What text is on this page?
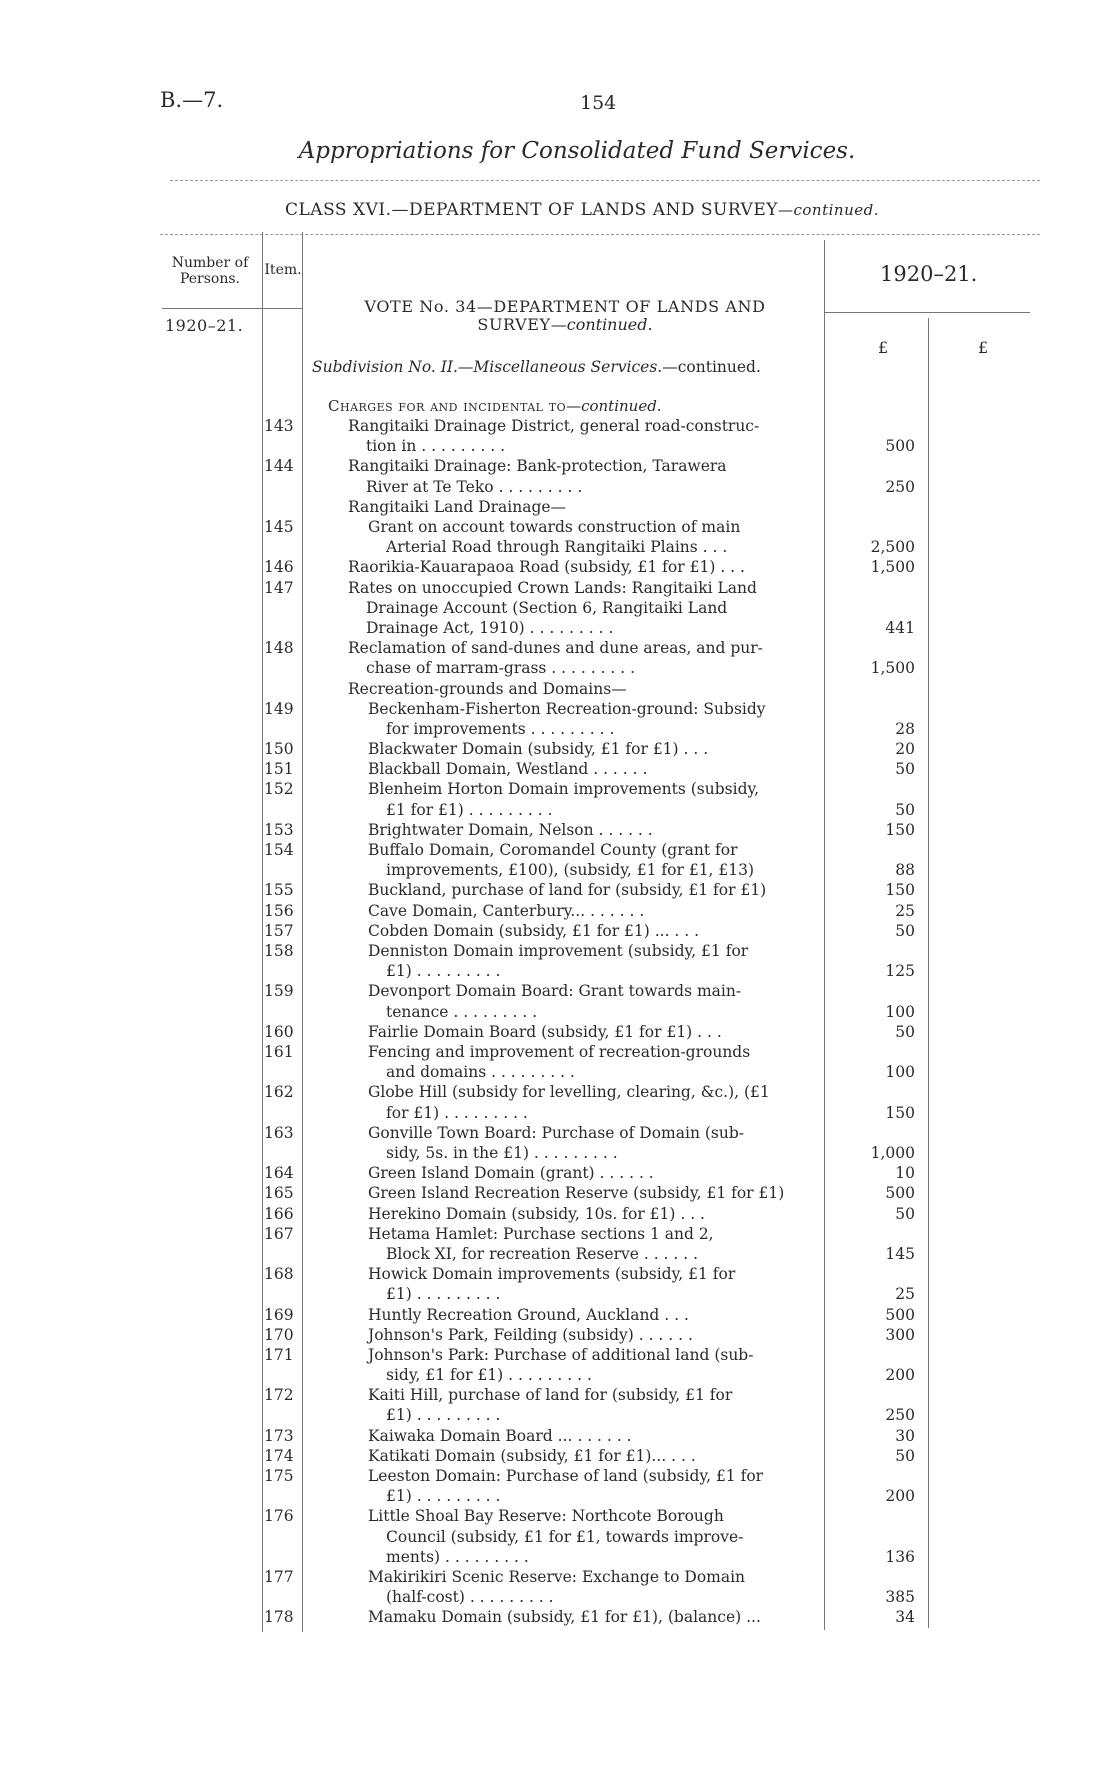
B.—7.	154
Appropriations for Consolidated Fund Services.
CLASS XVI.—DEPARTMENT OF LANDS AND SURVEY—continued.
Number of Persons.
Item.
1920–21.
1920–21.
£	£
VOTE No. 34—DEPARTMENT OF LANDS AND
SURVEY—continued.
Subdivision No. II.—Miscellaneous Services.—continued.
Charges for and incidental to—continued.
143	Rangitaiki Drainage District, general road-construc-
tion in . . . . . . . . .	500
144	Rangitaiki Drainage: Bank-protection, Tarawera
River at Te Teko . . . . . . . . .	250
Rangitaiki Land Drainage—
145	Grant on account towards construction of main
Arterial Road through Rangitaiki Plains . . .	2,500
146	Raorikia-Kauarapaoa Road (subsidy, £1 for £1) . . .	1,500
147	Rates on unoccupied Crown Lands: Rangitaiki Land
Drainage Account (Section 6, Rangitaiki Land
Drainage Act, 1910) . . . . . . . . .	441
148	Reclamation of sand-dunes and dune areas, and pur-
chase of marram-grass . . . . . . . . .	1,500
Recreation-grounds and Domains—
149	Beckenham-Fisherton Recreation-ground: Subsidy
for improvements . . . . . . . . .	28
150	Blackwater Domain (subsidy, £1 for £1) . . .	20
151	Blackball Domain, Westland . . . . . .	50
152	Blenheim Horton Domain improvements (subsidy,
£1 for £1) . . . . . . . . .	50
153	Brightwater Domain, Nelson . . . . . .	150
154	Buffalo Domain, Coromandel County (grant for
improvements, £100), (subsidy, £1 for £1, £13)	88
155	Buckland, purchase of land for (subsidy, £1 for £1)	150
156	Cave Domain, Canterbury... . . . . . .	25
157	Cobden Domain (subsidy, £1 for £1) ... . . .	50
158	Denniston Domain improvement (subsidy, £1 for
£1) . . . . . . . . .	125
159	Devonport Domain Board: Grant towards main-
tenance . . . . . . . . .	100
160	Fairlie Domain Board (subsidy, £1 for £1) . . .	50
161	Fencing and improvement of recreation-grounds
and domains . . . . . . . . .	100
162	Globe Hill (subsidy for levelling, clearing, &c.), (£1
for £1) . . . . . . . . .	150
163	Gonville Town Board: Purchase of Domain (sub-
sidy, 5s. in the £1) . . . . . . . . .	1,000
164	Green Island Domain (grant) . . . . . .	10
165	Green Island Recreation Reserve (subsidy, £1 for £1)	500
166	Herekino Domain (subsidy, 10s. for £1) . . .	50
167	Hetama Hamlet: Purchase sections 1 and 2,
Block XI, for recreation Reserve . . . . . .	145
168	Howick Domain improvements (subsidy, £1 for
£1) . . . . . . . . .	25
169	Huntly Recreation Ground, Auckland . . .	500
170	Johnson's Park, Feilding (subsidy) . . . . . .	300
171	Johnson's Park: Purchase of additional land (sub-
sidy, £1 for £1) . . . . . . . . .	200
172	Kaiti Hill, purchase of land for (subsidy, £1 for
£1) . . . . . . . . .	250
173	Kaiwaka Domain Board ... . . . . . .	30
174	Katikati Domain (subsidy, £1 for £1)... . . .	50
175	Leeston Domain: Purchase of land (subsidy, £1 for
£1) . . . . . . . . .	200
176	Little Shoal Bay Reserve: Northcote Borough
Council (subsidy, £1 for £1, towards improve-
ments) . . . . . . . . .	136
177	Makirikiri Scenic Reserve: Exchange to Domain
(half-cost) . . . . . . . . .	385
178	Mamaku Domain (subsidy, £1 for £1), (balance) ...	34
